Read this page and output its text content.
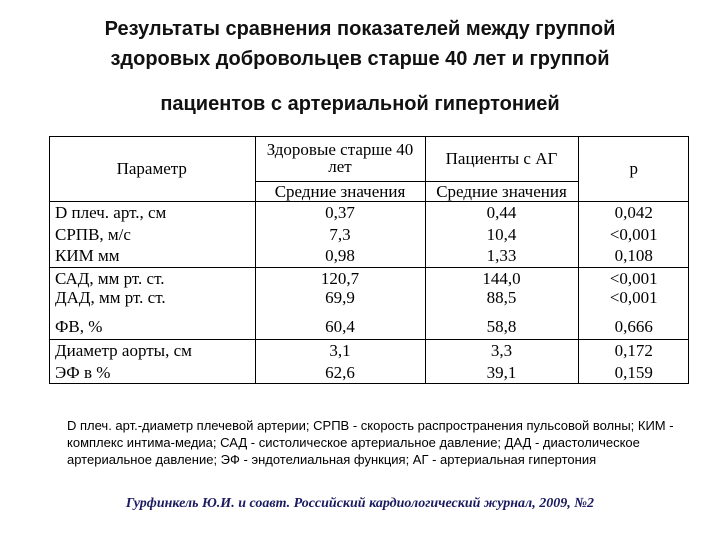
Результаты сравнения показателей между группой
здоровых добровольцев старше 40 лет и группой
пациентов с артериальной гипертонией
Параметр	Здоровые старше 40 лет	Пациенты с АГ	р
	Средние значения	Средние значения	
D плеч. арт., см	0,37	0,44	0,042
СРПВ, м/с	7,3	10,4	<0,001
КИМ мм	0,98	1,33	0,108
САД, мм рт. ст.	120,7	144,0	<0,001
ДАД, мм рт. ст.	69,9	88,5	<0,001
ФВ, %	60,4	58,8	0,666
Диаметр аорты, см	3,1	3,3	0,172
ЭФ в %	62,6	39,1	0,159
D плеч. арт.-диаметр плечевой артерии; СРПВ - скорость распространения пульсовой волны; КИМ - комплекс интима-медиа; САД - систолическое артериальное давление; ДАД - диастолическое артериальное давление; ЭФ - эндотелиальная функция; АГ - артериальная гипертония
Гурфинкель Ю.И. и соавт. Российский кардиологический журнал, 2009, №2
